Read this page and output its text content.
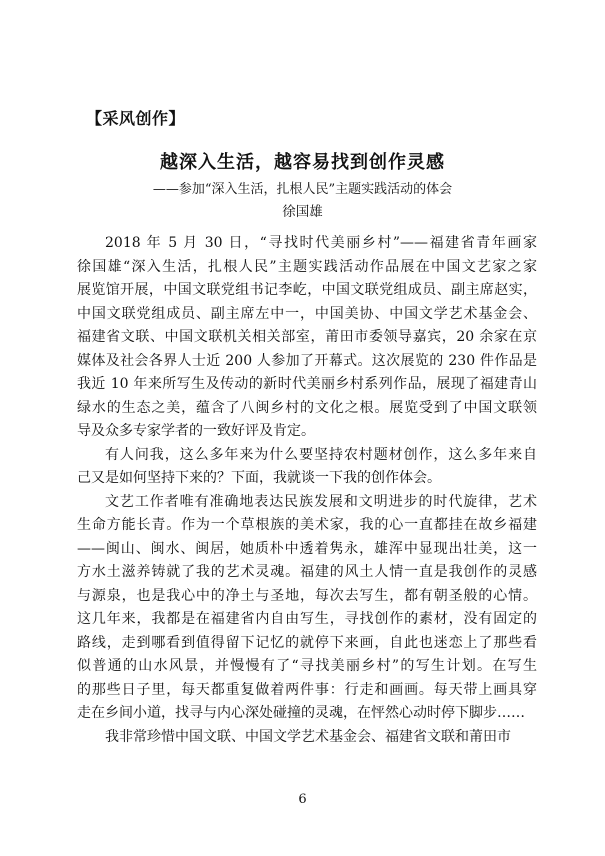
【采风创作】
越深入生活，越容易找到创作灵感
——参加“深入生活，扎根人民”主题实践活动的体会
徐国雄
2018 年 5 月 30 日，“寻找时代美丽乡村”——福建省青年画家
徐国雄“深入生活，扎根人民”主题实践活动作品展在中国文艺家之家
展览馆开展，中国文联党组书记李屹，中国文联党组成员、副主席赵实，
中国文联党组成员、副主席左中一，中国美协、中国文学艺术基金会、
福建省文联、中国文联机关相关部室，莆田市委领导嘉宾，20 余家在京
媒体及社会各界人士近 200 人参加了开幕式。这次展览的 230 件作品是
我近 10 年来所写生及传动的新时代美丽乡村系列作品，展现了福建青山
绿水的生态之美，蕴含了八闽乡村的文化之根。展览受到了中国文联领
导及众多专家学者的一致好评及肯定。
有人问我，这么多年来为什么要坚持农村题材创作，这么多年来自
己又是如何坚持下来的？下面，我就谈一下我的创作体会。
文艺工作者唯有准确地表达民族发展和文明进步的时代旋律，艺术
生命方能长青。作为一个草根族的美术家，我的心一直都挂在故乡福建
——闽山、闽水、闽居，她质朴中透着隽永，雄浑中显现出壮美，这一
方水土滋养铸就了我的艺术灵魂。福建的风土人情一直是我创作的灵感
与源泉，也是我心中的净土与圣地，每次去写生，都有朝圣般的心情。
这几年来，我都是在福建省内自由写生，寻找创作的素材，没有固定的
路线，走到哪看到值得留下记忆的就停下来画，自此也迷恋上了那些看
似普通的山水风景，并慢慢有了“寻找美丽乡村”的写生计划。在写生
的那些日子里，每天都重复做着两件事：行走和画画。每天带上画具穿
走在乡间小道，找寻与内心深处碰撞的灵魂，在怦然心动时停下脚步……
我非常珍惜中国文联、中国文学艺术基金会、福建省文联和莆田市
6
